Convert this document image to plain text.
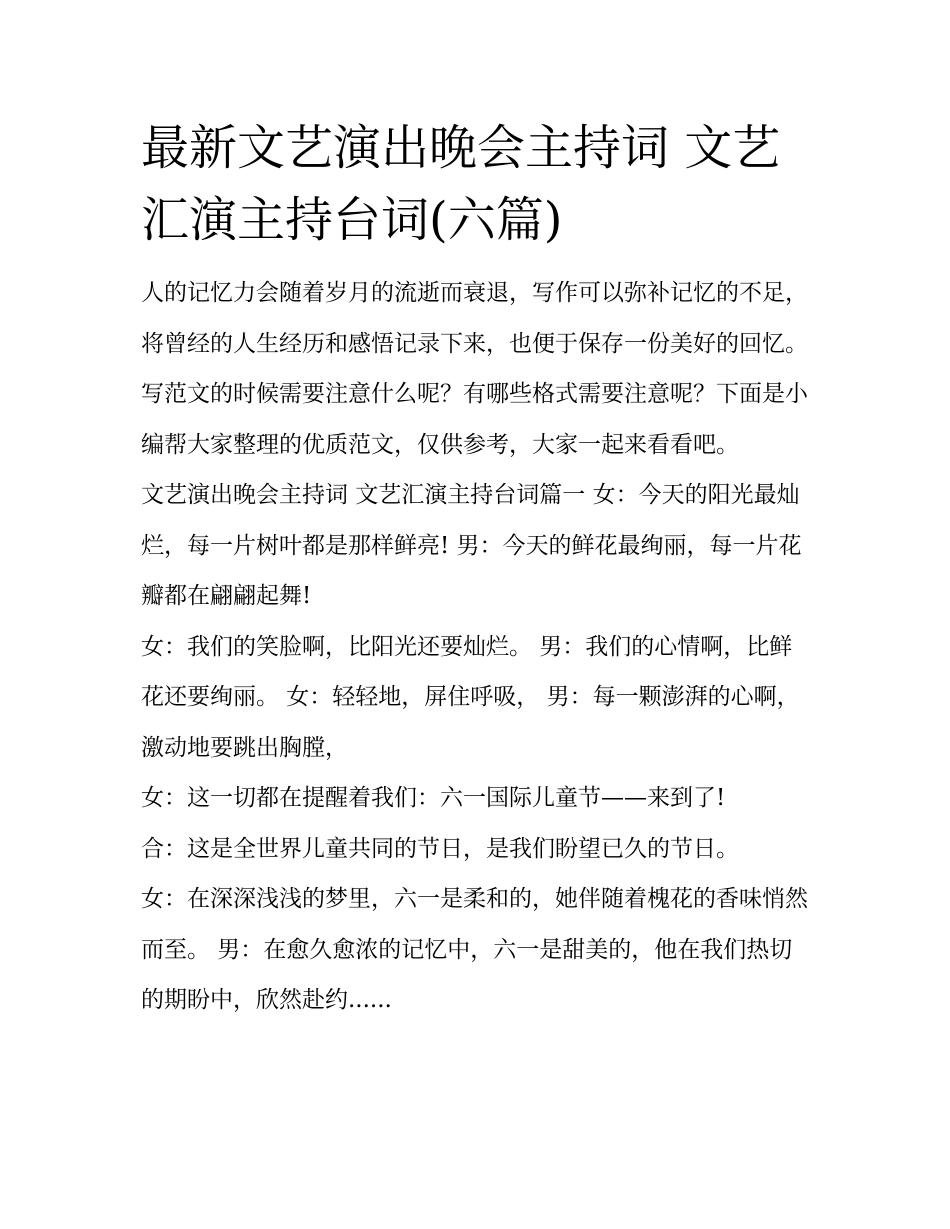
最新文艺演出晚会主持词 文艺汇演主持台词(六篇)

人的记忆力会随着岁月的流逝而衰退，写作可以弥补记忆的不足，将曾经的人生经历和感悟记录下来，也便于保存一份美好的回忆。写范文的时候需要注意什么呢？有哪些格式需要注意呢？下面是小编帮大家整理的优质范文，仅供参考，大家一起来看看吧。

文艺演出晚会主持词 文艺汇演主持台词篇一 女：今天的阳光最灿烂，每一片树叶都是那样鲜亮! 男：今天的鲜花最绚丽，每一片花瓣都在翩翩起舞!

女：我们的笑脸啊，比阳光还要灿烂。 男：我们的心情啊，比鲜花还要绚丽。 女：轻轻地，屏住呼吸， 男：每一颗澎湃的心啊，激动地要跳出胸膛，

女：这一切都在提醒着我们：六一国际儿童节——来到了!

合：这是全世界儿童共同的节日，是我们盼望已久的节日。

女：在深深浅浅的梦里，六一是柔和的，她伴随着槐花的香味悄然而至。 男：在愈久愈浓的记忆中，六一是甜美的，他在我们热切的期盼中，欣然赴约......
